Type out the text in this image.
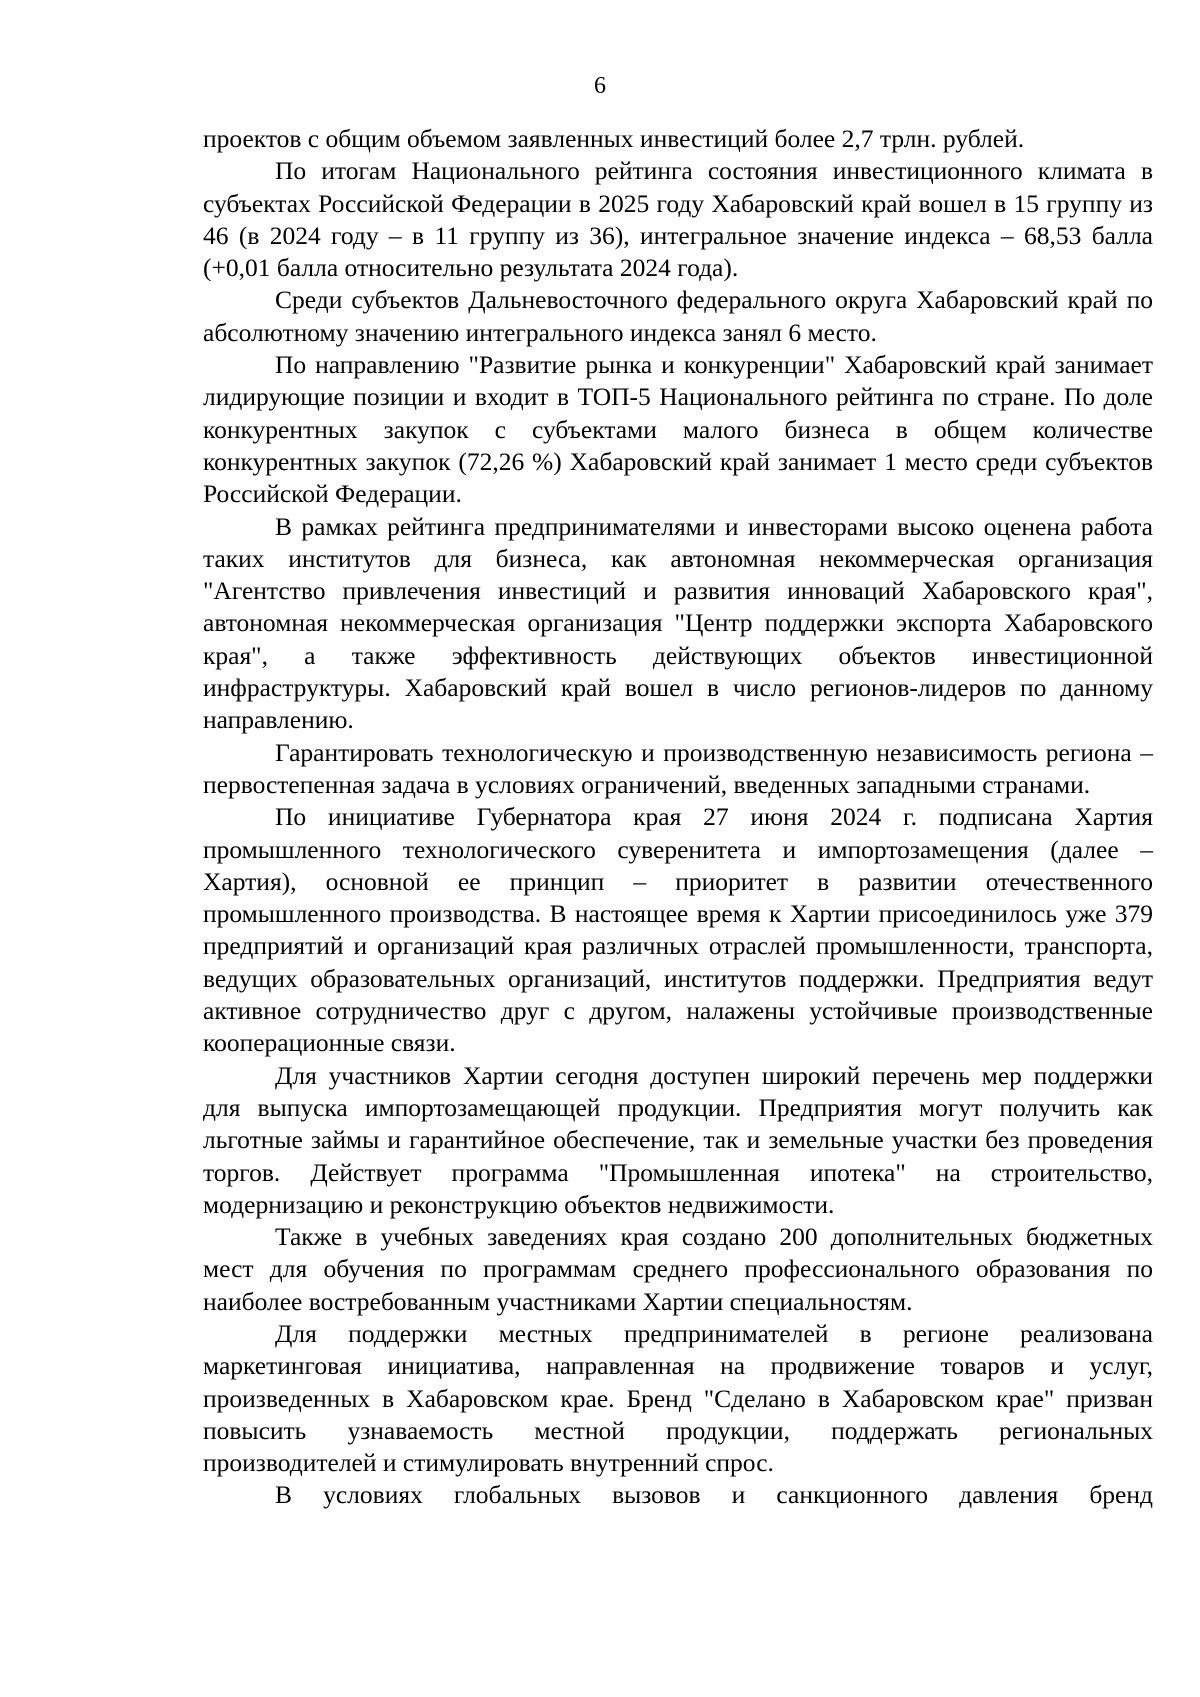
6

проектов с общим объемом заявленных инвестиций более 2,7 трлн. рублей.

По итогам Национального рейтинга состояния инвестиционного климата в субъектах Российской Федерации в 2025 году Хабаровский край вошел в 15 группу из 46 (в 2024 году – в 11 группу из 36), интегральное значение индекса – 68,53 балла (+0,01 балла относительно результата 2024 года).

Среди субъектов Дальневосточного федерального округа Хабаровский край по абсолютному значению интегрального индекса занял 6 место.

По направлению "Развитие рынка и конкуренции" Хабаровский край занимает лидирующие позиции и входит в ТОП-5 Национального рейтинга по стране. По доле конкурентных закупок с субъектами малого бизнеса в общем количестве конкурентных закупок (72,26 %) Хабаровский край занимает 1 место среди субъектов Российской Федерации.

В рамках рейтинга предпринимателями и инвесторами высоко оценена работа таких институтов для бизнеса, как автономная некоммерческая организация "Агентство привлечения инвестиций и развития инноваций Хабаровского края", автономная некоммерческая организация "Центр поддержки экспорта Хабаровского края", а также эффективность действующих объектов инвестиционной инфраструктуры. Хабаровский край вошел в число регионов-лидеров по данному направлению.

Гарантировать технологическую и производственную независимость региона – первостепенная задача в условиях ограничений, введенных западными странами.

По инициативе Губернатора края 27 июня 2024 г. подписана Хартия промышленного технологического суверенитета и импортозамещения (далее – Хартия), основной ее принцип – приоритет в развитии отечественного промышленного производства. В настоящее время к Хартии присоединилось уже 379 предприятий и организаций края различных отраслей промышленности, транспорта, ведущих образовательных организаций, институтов поддержки. Предприятия ведут активное сотрудничество друг с другом, налажены устойчивые производственные кооперационные связи.

Для участников Хартии сегодня доступен широкий перечень мер поддержки для выпуска импортозамещающей продукции. Предприятия могут получить как льготные займы и гарантийное обеспечение, так и земельные участки без проведения торгов. Действует программа "Промышленная ипотека" на строительство, модернизацию и реконструкцию объектов недвижимости.

Также в учебных заведениях края создано 200 дополнительных бюджетных мест для обучения по программам среднего профессионального образования по наиболее востребованным участниками Хартии специальностям.

Для поддержки местных предпринимателей в регионе реализована маркетинговая инициатива, направленная на продвижение товаров и услуг, произведенных в Хабаровском крае. Бренд "Сделано в Хабаровском крае" призван повысить узнаваемость местной продукции, поддержать региональных производителей и стимулировать внутренний спрос.

В условиях глобальных вызовов и санкционного давления бренд
